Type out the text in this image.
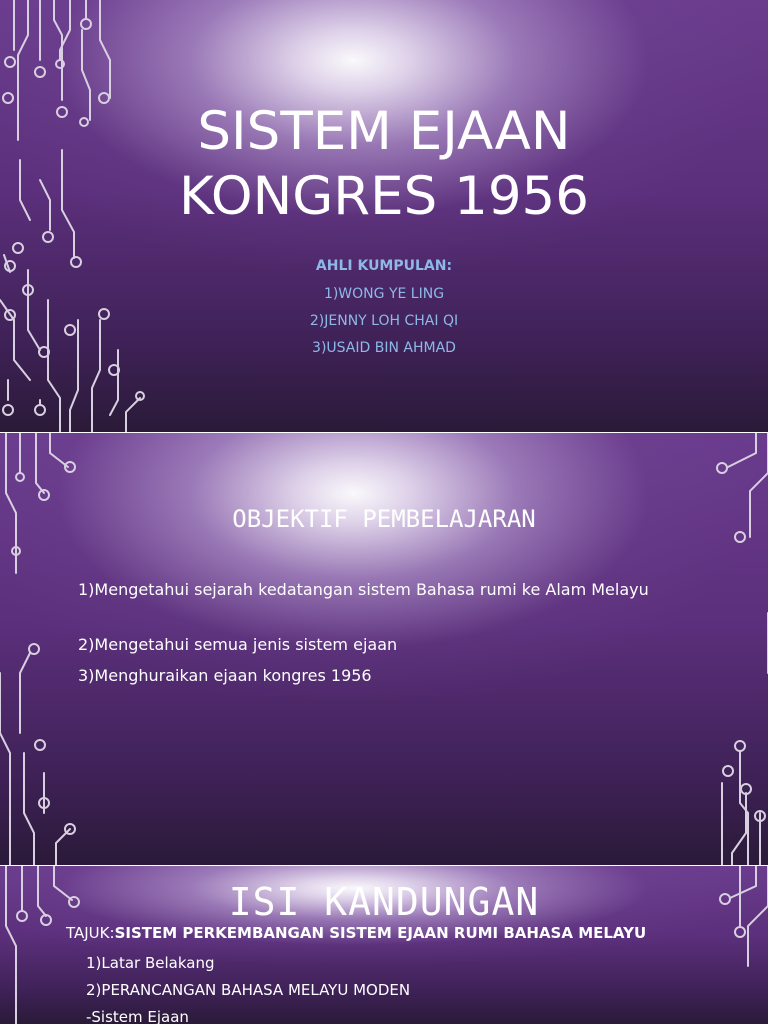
SISTEM EJAAN

KONGRES 1956

AHLI KUMPULAN:

1)WONG YE LING

2)JENNY LOH CHAI QI

3)USAID BIN AHMAD

OBJEKTIF PEMBELAJARAN

1)Mengetahui sejarah kedatangan sistem Bahasa rumi ke Alam Melayu

2)Mengetahui semua jenis sistem ejaan

3)Menghuraikan ejaan kongres 1956

ISI KANDUNGAN

TAJUK:SISTEM PERKEMBANGAN SISTEM EJAAN RUMI BAHASA MELAYU

1)Latar Belakang

2)PERANCANGAN BAHASA MELAYU MODEN

-Sistem Ejaan
